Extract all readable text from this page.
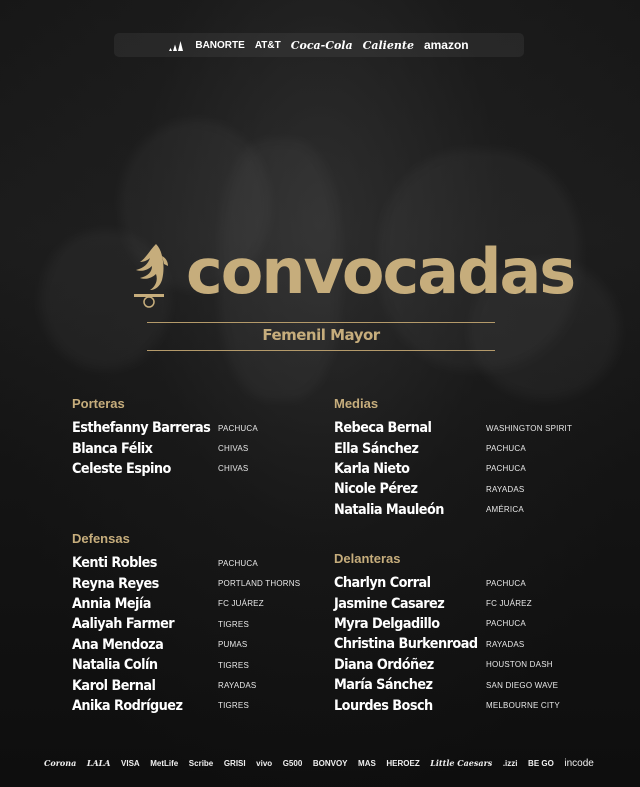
BANORTE AT&T Coca-Cola Caliente amazon
convocadas
Femenil Mayor
Porteras
Esthefanny Barreras PACHUCA
Blanca Félix	CHIVAS
Celeste Espino	CHIVAS
Defensas
Kenti Robles	PACHUCA
Reyna Reyes	PORTLAND THORNS
Annia Mejía	FC JUÁREZ
Aaliyah Farmer	TIGRES
Ana Mendoza	PUMAS
Natalia Colín	TIGRES
Karol Bernal	RAYADAS
Anika Rodríguez	TIGRES
Medias
Rebeca Bernal	WASHINGTON SPIRIT
Ella Sánchez	PACHUCA
Karla Nieto	PACHUCA
Nicole Pérez	RAYADAS
Natalia Mauleón	AMÉRICA
Delanteras
Charlyn Corral	PACHUCA
Jasmine Casarez	FC JUÁREZ
Myra Delgadillo	PACHUCA
Christina Burkenroad RAYADAS
Diana Ordóñez	HOUSTON DASH
María Sánchez	SAN DIEGO WAVE
Lourdes Bosch	MELBOURNE CITY
Corona LALA VISA MetLife Scribe GRISI vivo G500 BONVOY MAS HEROEZ Little Caesars .izzi BE GO incode
